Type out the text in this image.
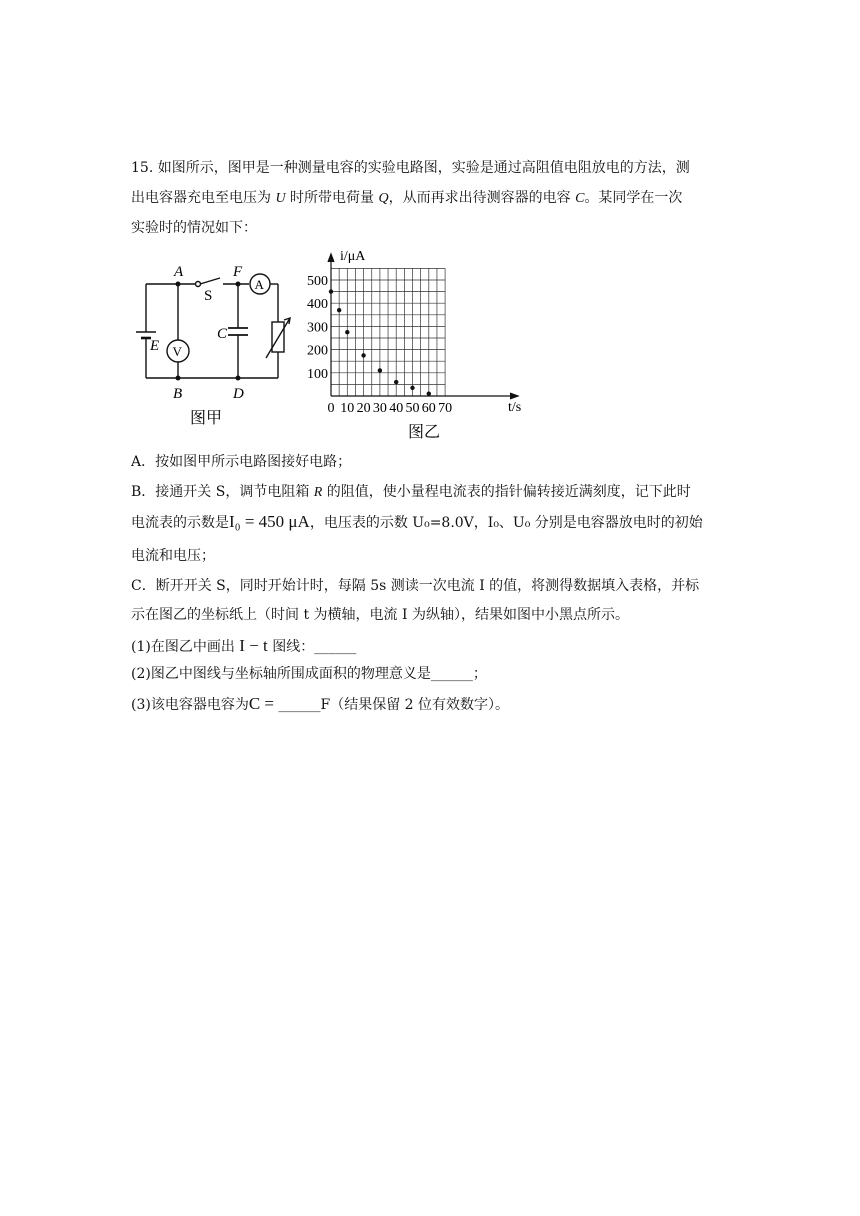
15. 如图所示，图甲是一种测量电容的实验电路图，实验是通过高阻值电阻放电的方法，测
出电容器充电至电压为 U 时所带电荷量 Q，从而再求出待测容器的电容 C。某同学在一次
实验时的情况如下：
A	F
S
E
C
B	D
V
A
图甲	0 10 20 30 40 50 60 70
100
200
300
400
500
i/μA
t/s
图乙
A．按如图甲所示电路图接好电路；
B．接通开关 S，调节电阻箱 R 的阻值，使小量程电流表的指针偏转接近满刻度，记下此时
电流表的示数是I₀ = 450 μA，电压表的示数 U₀=8.0V，I₀、U₀ 分别是电容器放电时的初始
电流和电压；
C．断开开关 S，同时开始计时，每隔 5s 测读一次电流 I 的值，将测得数据填入表格，并标
示在图乙的坐标纸上（时间 t 为横轴，电流 I 为纵轴），结果如图中小黑点所示。
(1)在图乙中画出 I − t 图线：______
(2)图乙中图线与坐标轴所围成面积的物理意义是______；
(3)该电容器电容为C = ______F（结果保留 2 位有效数字）。
